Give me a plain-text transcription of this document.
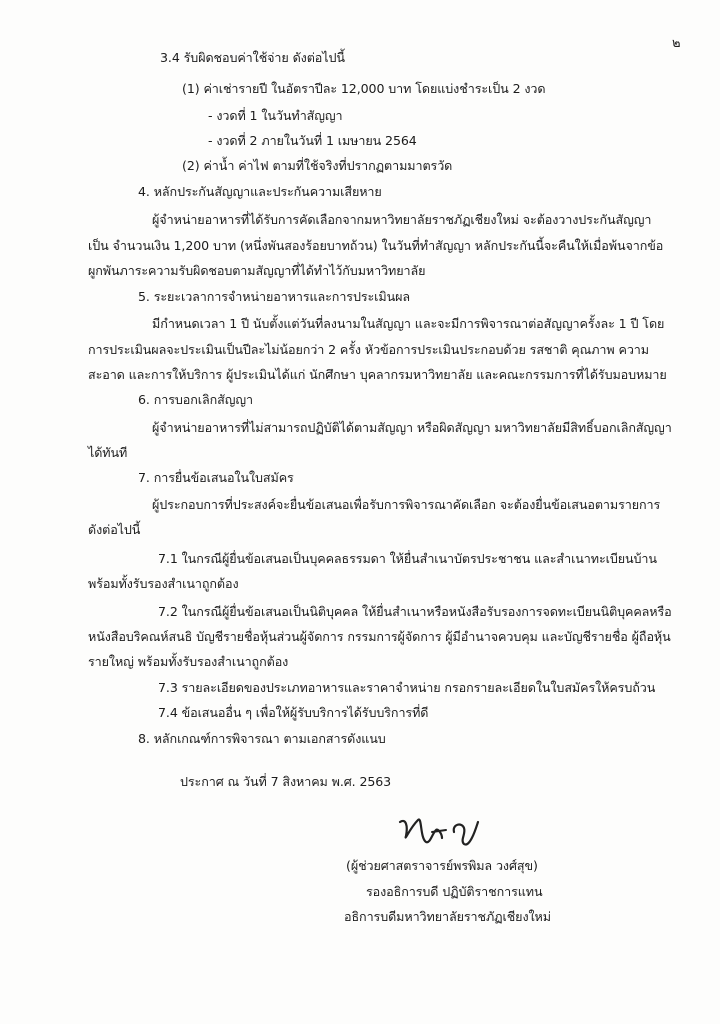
๒
3.4 รับผิดชอบค่าใช้จ่าย ดังต่อไปนี้
(1) ค่าเช่ารายปี ในอัตราปีละ 12,000 บาท โดยแบ่งชำระเป็น 2 งวด
- งวดที่ 1 ในวันทำสัญญา
- งวดที่ 2 ภายในวันที่ 1 เมษายน 2564
(2) ค่าน้ำ ค่าไฟ ตามที่ใช้จริงที่ปรากฏตามมาตรวัด
4. หลักประกันสัญญาและประกันความเสียหาย
ผู้จำหน่ายอาหารที่ได้รับการคัดเลือกจากมหาวิทยาลัยราชภัฏเชียงใหม่ จะต้องวางประกันสัญญา
เป็น จำนวนเงิน 1,200 บาท (หนึ่งพันสองร้อยบาทถ้วน) ในวันที่ทำสัญญา หลักประกันนี้จะคืนให้เมื่อพ้นจากข้อ
ผูกพันภาระความรับผิดชอบตามสัญญาที่ได้ทำไว้กับมหาวิทยาลัย
5. ระยะเวลาการจำหน่ายอาหารและการประเมินผล
มีกำหนดเวลา 1 ปี นับตั้งแต่วันที่ลงนามในสัญญา และจะมีการพิจารณาต่อสัญญาครั้งละ 1 ปี โดย
การประเมินผลจะประเมินเป็นปีละไม่น้อยกว่า 2 ครั้ง หัวข้อการประเมินประกอบด้วย รสชาติ คุณภาพ ความ
สะอาด และการให้บริการ ผู้ประเมินได้แก่ นักศึกษา บุคลากรมหาวิทยาลัย และคณะกรรมการที่ได้รับมอบหมาย
6. การบอกเลิกสัญญา
ผู้จำหน่ายอาหารที่ไม่สามารถปฏิบัติได้ตามสัญญา หรือผิดสัญญา มหาวิทยาลัยมีสิทธิ์บอกเลิกสัญญา
ได้ทันที
7. การยื่นข้อเสนอในใบสมัคร
ผู้ประกอบการที่ประสงค์จะยื่นข้อเสนอเพื่อรับการพิจารณาคัดเลือก จะต้องยื่นข้อเสนอตามรายการ
ดังต่อไปนี้
7.1 ในกรณีผู้ยื่นข้อเสนอเป็นบุคคลธรรมดา ให้ยื่นสำเนาบัตรประชาชน และสำเนาทะเบียนบ้าน
พร้อมทั้งรับรองสำเนาถูกต้อง
7.2 ในกรณีผู้ยื่นข้อเสนอเป็นนิติบุคคล ให้ยื่นสำเนาหรือหนังสือรับรองการจดทะเบียนนิติบุคคลหรือ
หนังสือบริคณห์สนธิ บัญชีรายชื่อหุ้นส่วนผู้จัดการ กรรมการผู้จัดการ ผู้มีอำนาจควบคุม และบัญชีรายชื่อ ผู้ถือหุ้น
รายใหญ่ พร้อมทั้งรับรองสำเนาถูกต้อง
7.3 รายละเอียดของประเภทอาหารและราคาจำหน่าย กรอกรายละเอียดในใบสมัครให้ครบถ้วน
7.4 ข้อเสนออื่น ๆ เพื่อให้ผู้รับบริการได้รับบริการที่ดี
8. หลักเกณฑ์การพิจารณา ตามเอกสารดังแนบ
ประกาศ ณ วันที่ 7 สิงหาคม พ.ศ. 2563
(ผู้ช่วยศาสตราจารย์พรพิมล วงศ์สุข)
รองอธิการบดี ปฏิบัติราชการแทน
อธิการบดีมหาวิทยาลัยราชภัฏเชียงใหม่
